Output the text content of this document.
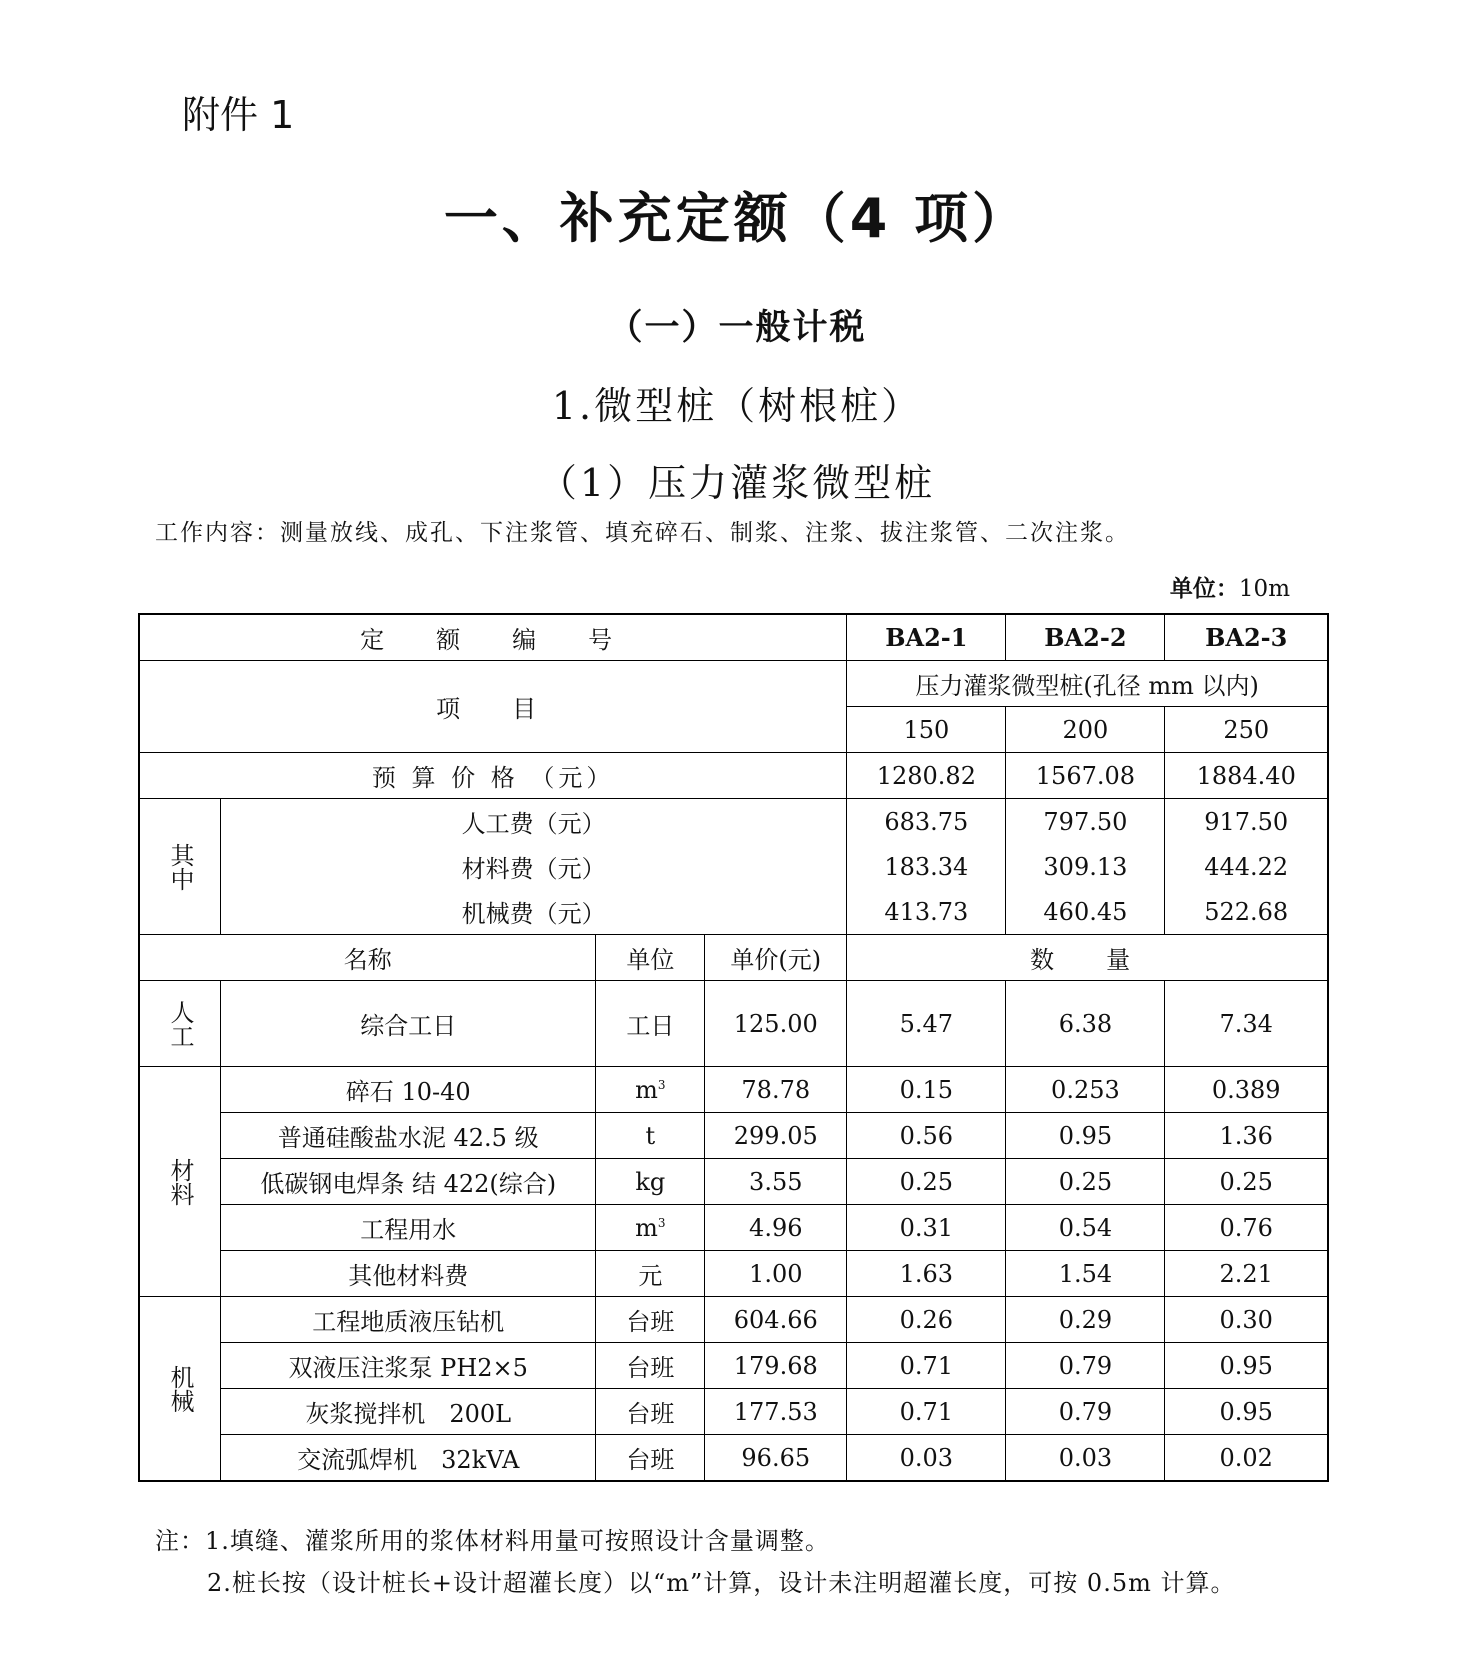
附件 1
一、补充定额（4 项）
（一）一般计税
1.微型桩（树根桩）
（1）压力灌浆微型桩
工作内容：测量放线、成孔、下注浆管、填充碎石、制浆、注浆、拔注浆管、二次注浆。
单位：10m
定　额　编　号				BA2-1	BA2-2	BA2-3
项　目				压力灌浆微型桩(孔径 mm 以内)		
				150	200	250
预 算 价 格 （元）				1280.82	1567.08	1884.40
其中	人工费（元）			683.75	797.50	917.50
	材料费（元）			183.34	309.13	444.22
	机械费（元）			413.73	460.45	522.68
名称		单位	单价(元)	数　量		
人工	综合工日	工日	125.00	5.47	6.38	7.34
材料	碎石 10-40	$m^3$	78.78	0.15	0.253	0.389
	普通硅酸盐水泥 42.5 级	t	299.05	0.56	0.95	1.36
	低碳钢电焊条 结 422(综合)	kg	3.55	0.25	0.25	0.25
	工程用水	$m^3$	4.96	0.31	0.54	0.76
	其他材料费	元	1.00	1.63	1.54	2.21
机械	工程地质液压钻机	台班	604.66	0.26	0.29	0.30
	双液压注浆泵 PH2×5	台班	179.68	0.71	0.79	0.95
	灰浆搅拌机　200L	台班	177.53	0.71	0.79	0.95
	交流弧焊机　32kVA	台班	96.65	0.03	0.03	0.02
注：1.填缝、灌浆所用的浆体材料用量可按照设计含量调整。
2.桩长按（设计桩长+设计超灌长度）以“m”计算，设计未注明超灌长度，可按 0.5m 计算。
